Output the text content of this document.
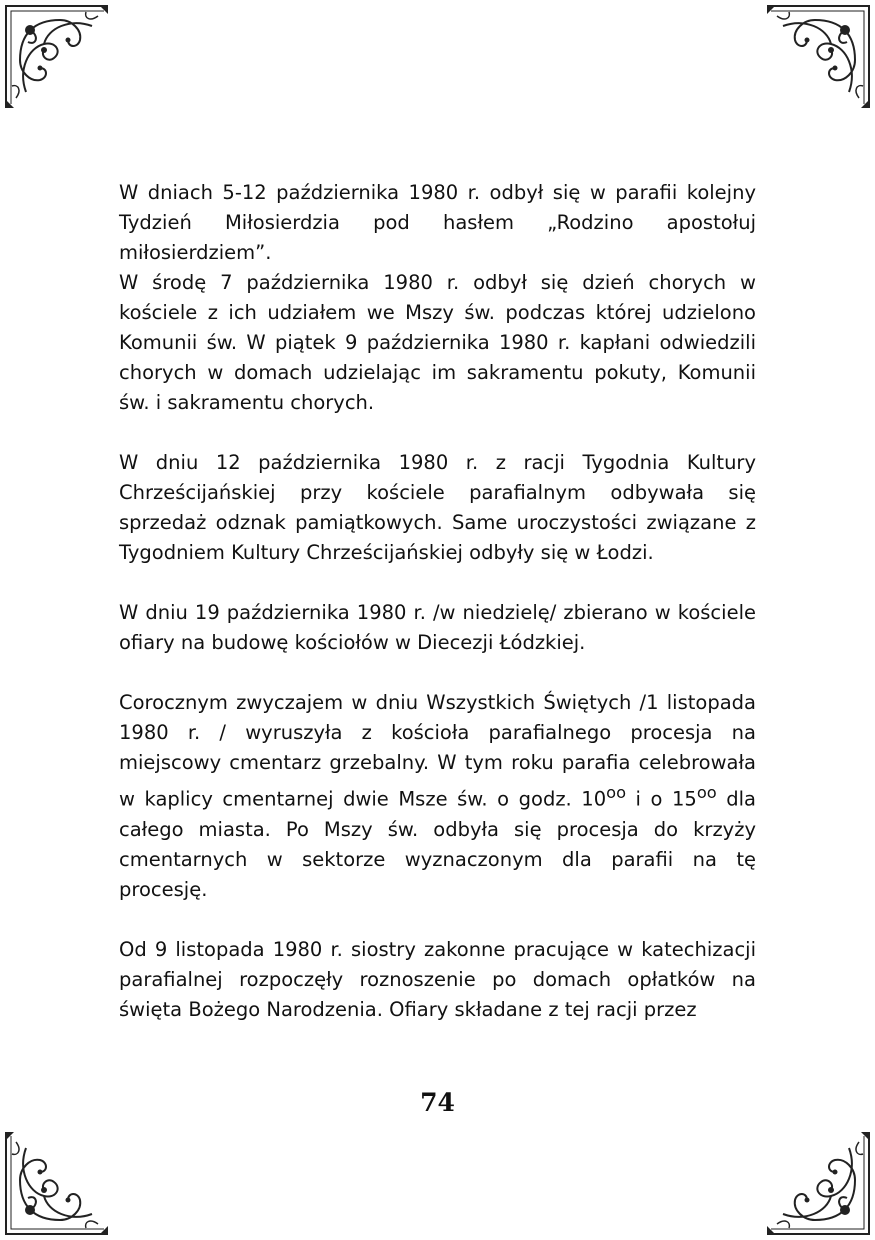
W dniach 5-12 października 1980 r. odbył się w parafii kolejny Tydzień Miłosierdzia pod hasłem „Rodzino apostołuj miłosierdziem”.

W środę 7 października 1980 r. odbył się dzień chorych w kościele z ich udziałem we Mszy św. podczas której udzielono Komunii św. W piątek 9 października 1980 r. kapłani odwiedzili chorych w domach udzielając im sakramentu pokuty, Komunii św. i sakramentu chorych.

W dniu 12 października 1980 r. z racji Tygodnia Kultury Chrześcijańskiej przy kościele parafialnym odbywała się sprzedaż odznak pamiątkowych. Same uroczystości związane z Tygodniem Kultury Chrześcijańskiej odbyły się w Łodzi.

W dniu 19 października 1980 r. /w niedzielę/ zbierano w kościele ofiary na budowę kościołów w Diecezji Łódzkiej.

Corocznym zwyczajem w dniu Wszystkich Świętych /1 listopada 1980 r. / wyruszyła z kościoła parafialnego procesja na miejscowy cmentarz grzebalny. W tym roku parafia celebrowała w kaplicy cmentarnej dwie Msze św. o godz. $10^{oo}$ i o $15^{oo}$ dla całego miasta. Po Mszy św. odbyła się procesja do krzyży cmentarnych w sektorze wyznaczonym dla parafii na tę procesję.

Od 9 listopada 1980 r. siostry zakonne pracujące w katechizacji parafialnej rozpoczęły roznoszenie po domach opłatków na święta Bożego Narodzenia. Ofiary składane z tej racji przez

74
